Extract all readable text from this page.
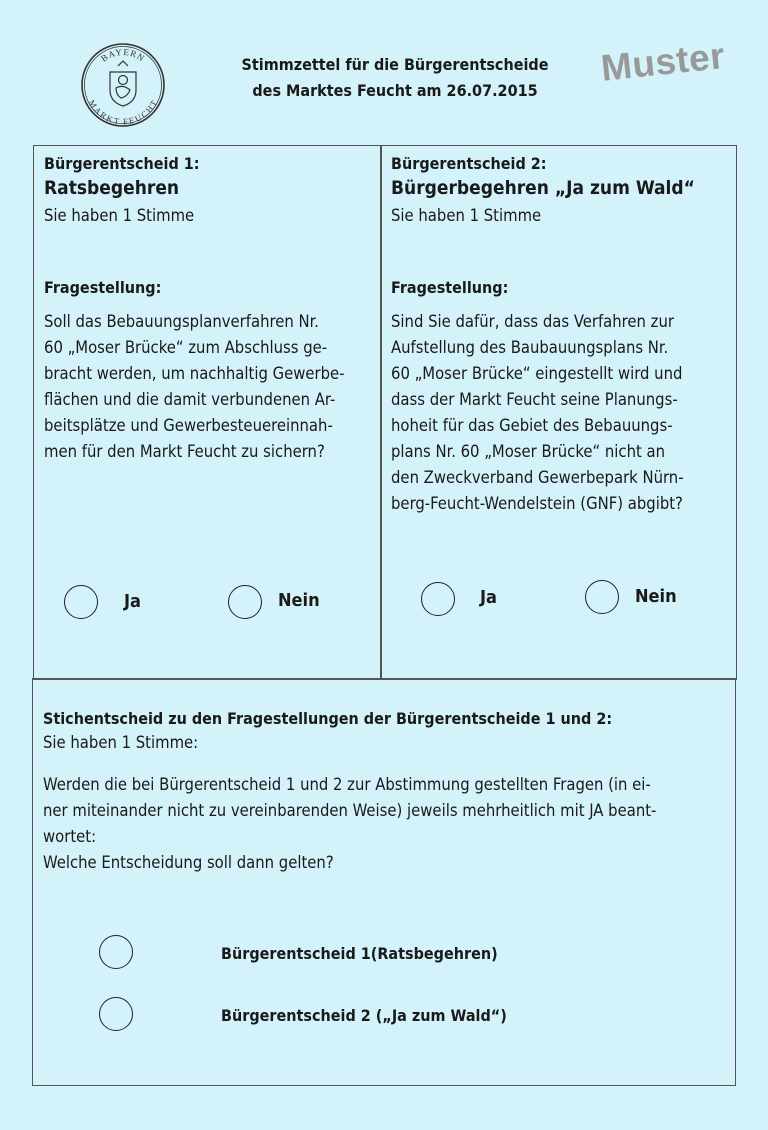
BAYERN
MARKT FEUCHT
Stimmzettel für die Bürgerentscheide
des Marktes Feucht am 26.07.2015
Muster
Bürgerentscheid 1:
Ratsbegehren
Sie haben 1 Stimme
Fragestellung:
Soll das Bebauungsplanverfahren Nr.
60 „Moser Brücke“ zum Abschluss ge-
bracht werden, um nachhaltig Gewerbe-
flächen und die damit verbundenen Ar-
beitsplätze und Gewerbesteuereinnah-
men für den Markt Feucht zu sichern?
Ja	Nein
Bürgerentscheid 2:
Bürgerbegehren „Ja zum Wald“
Sie haben 1 Stimme
Fragestellung:
Sind Sie dafür, dass das Verfahren zur
Aufstellung des Baubauungsplans Nr.
60 „Moser Brücke“ eingestellt wird und
dass der Markt Feucht seine Planungs-
hoheit für das Gebiet des Bebauungs-
plans Nr. 60 „Moser Brücke“ nicht an
den Zweckverband Gewerbepark Nürn-
berg-Feucht-Wendelstein (GNF) abgibt?
Ja	Nein
Stichentscheid zu den Fragestellungen der Bürgerentscheide 1 und 2:
Sie haben 1 Stimme:
Werden die bei Bürgerentscheid 1 und 2 zur Abstimmung gestellten Fragen (in ei-
ner miteinander nicht zu vereinbarenden Weise) jeweils mehrheitlich mit JA beant-
wortet:
Welche Entscheidung soll dann gelten?
Bürgerentscheid 1(Ratsbegehren)
Bürgerentscheid 2 („Ja zum Wald“)
